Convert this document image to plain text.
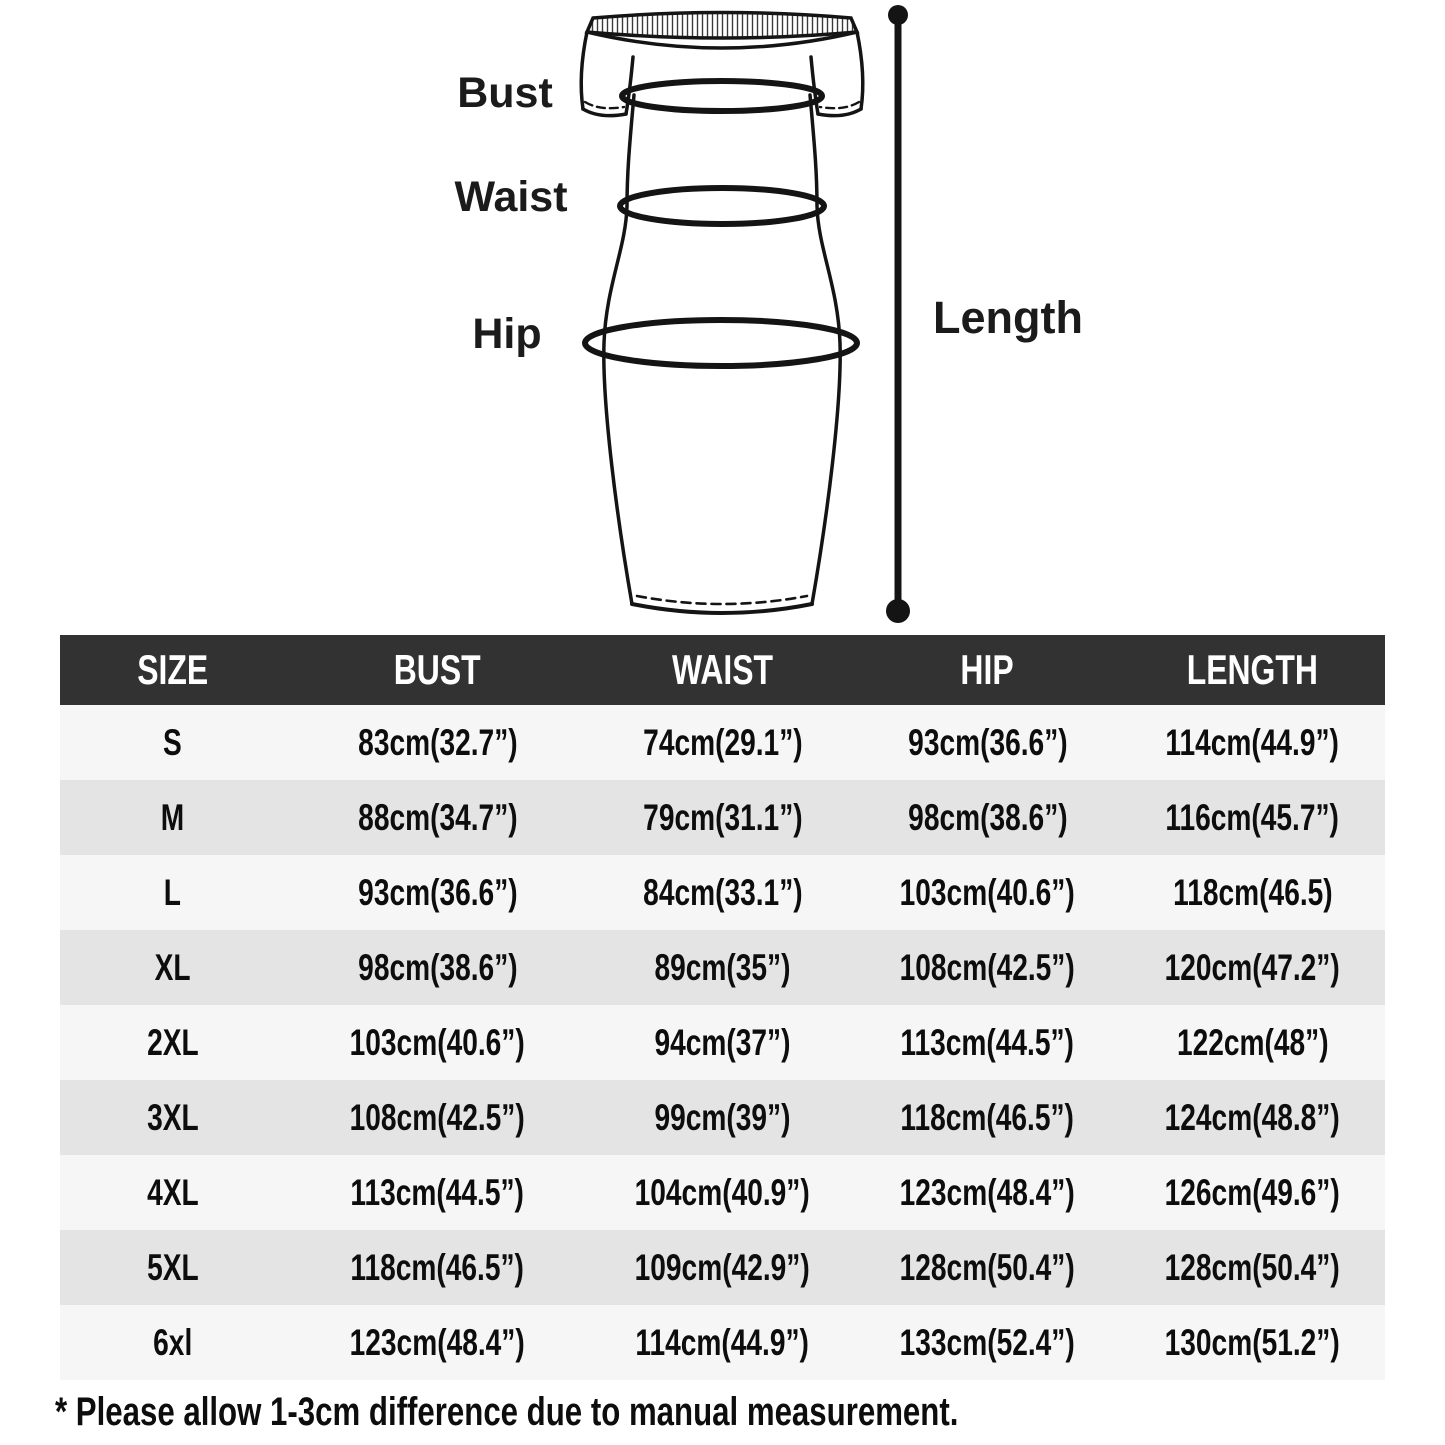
Bust
Waist
Hip	Length
SIZE	BUST	WAIST	HIP	LENGTH
S	83cm(32.7”)	74cm(29.1”)	93cm(36.6”)	114cm(44.9”)
M	88cm(34.7”)	79cm(31.1”)	98cm(38.6”)	116cm(45.7”)
L	93cm(36.6”)	84cm(33.1”)	103cm(40.6”)	118cm(46.5)
XL	98cm(38.6”)	89cm(35”)	108cm(42.5”) 120cm(47.2”)
2XL	103cm(40.6”)	94cm(37”)	113cm(44.5”)	122cm(48”)
3XL	108cm(42.5”)	99cm(39”)	118cm(46.5”) 124cm(48.8”)
4XL	113cm(44.5”)	104cm(40.9”) 123cm(48.4”) 126cm(49.6”)
5XL	118cm(46.5”)	109cm(42.9”) 128cm(50.4”) 128cm(50.4”)
6xl	123cm(48.4”)	114cm(44.9”) 133cm(52.4”) 130cm(51.2”)
* Please allow 1-3cm difference due to manual measurement.
